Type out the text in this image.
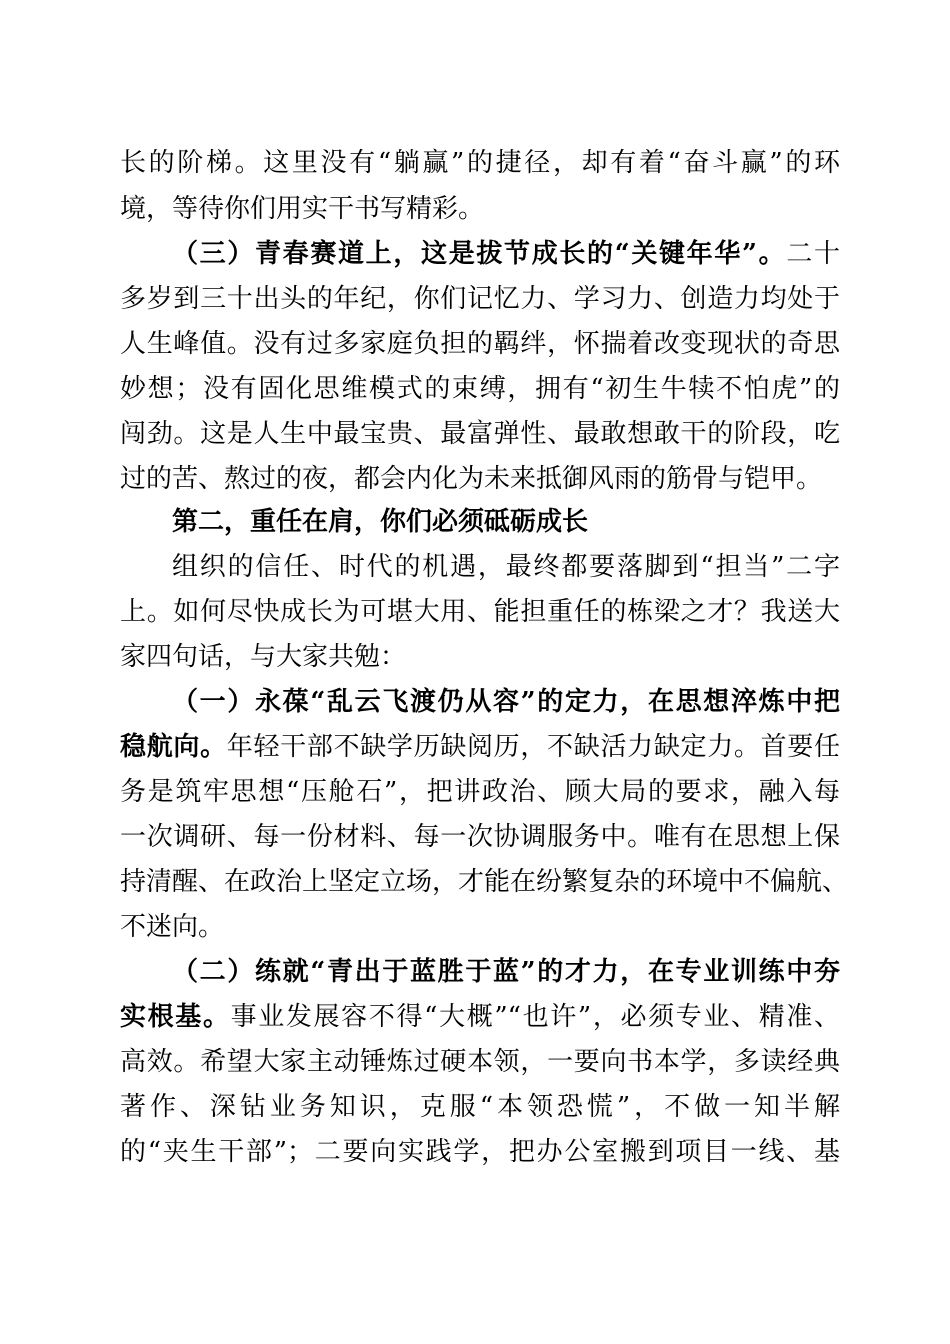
长的阶梯。这里没有“躺赢”的捷径，却有着“奋斗赢”的环
境，等待你们用实干书写精彩。
（三）青春赛道上，这是拔节成长的“关键年华”。二十
多岁到三十出头的年纪，你们记忆力、学习力、创造力均处于
人生峰值。没有过多家庭负担的羁绊，怀揣着改变现状的奇思
妙想；没有固化思维模式的束缚，拥有“初生牛犊不怕虎”的
闯劲。这是人生中最宝贵、最富弹性、最敢想敢干的阶段，吃
过的苦、熬过的夜，都会内化为未来抵御风雨的筋骨与铠甲。
第二，重任在肩，你们必须砥砺成长
组织的信任、时代的机遇，最终都要落脚到“担当”二字
上。如何尽快成长为可堪大用、能担重任的栋梁之才？我送大
家四句话，与大家共勉：
（一）永葆“乱云飞渡仍从容”的定力，在思想淬炼中把
稳航向。年轻干部不缺学历缺阅历，不缺活力缺定力。首要任
务是筑牢思想“压舱石”，把讲政治、顾大局的要求，融入每
一次调研、每一份材料、每一次协调服务中。唯有在思想上保
持清醒、在政治上坚定立场，才能在纷繁复杂的环境中不偏航、
不迷向。
（二）练就“青出于蓝胜于蓝”的才力，在专业训练中夯
实根基。事业发展容不得“大概”“也许”，必须专业、精准、
高效。希望大家主动锤炼过硬本领，一要向书本学，多读经典
著作、深钻业务知识，克服“本领恐慌”，不做一知半解
的“夹生干部”；二要向实践学，把办公室搬到项目一线、基
